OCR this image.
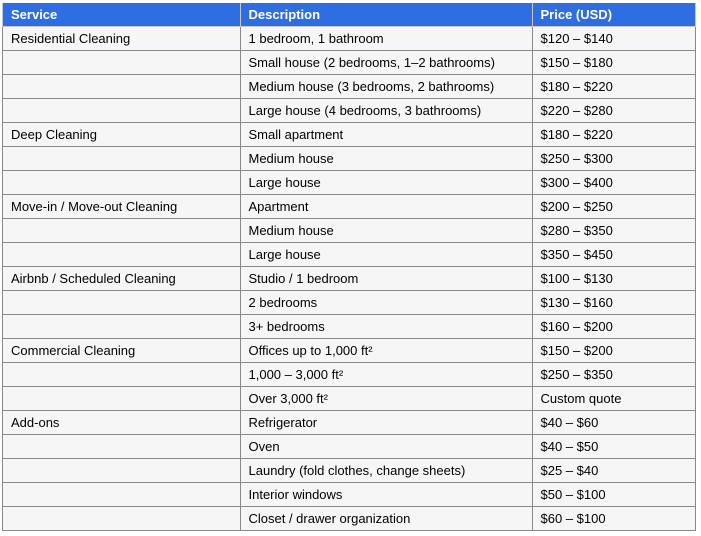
Service	Description	Price (USD)
Residential Cleaning	1 bedroom, 1 bathroom	$120 – $140
	Small house (2 bedrooms, 1–2 bathrooms)	$150 – $180
	Medium house (3 bedrooms, 2 bathrooms)	$180 – $220
	Large house (4 bedrooms, 3 bathrooms)	$220 – $280
Deep Cleaning	Small apartment	$180 – $220
	Medium house	$250 – $300
	Large house	$300 – $400
Move-in / Move-out Cleaning	Apartment	$200 – $250
	Medium house	$280 – $350
	Large house	$350 – $450
Airbnb / Scheduled Cleaning	Studio / 1 bedroom	$100 – $130
	2 bedrooms	$130 – $160
	3+ bedrooms	$160 – $200
Commercial Cleaning	Offices up to 1,000 ft²	$150 – $200
	1,000 – 3,000 ft²	$250 – $350
	Over 3,000 ft²	Custom quote
Add-ons	Refrigerator	$40 – $60
	Oven	$40 – $50
	Laundry (fold clothes, change sheets)	$25 – $40
	Interior windows	$50 – $100
	Closet / drawer organization	$60 – $100
